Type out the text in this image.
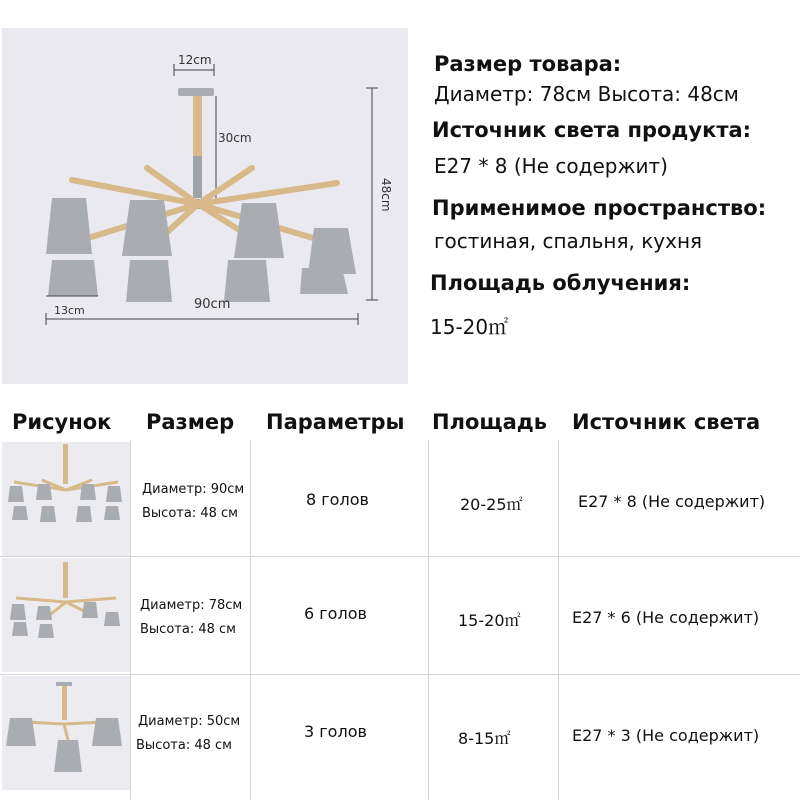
12cm
30cm
48cm
13cm	90cm
Размер товара:
Диаметр: 78см Высота: 48см
Источник света продукта:
E27 * 8 (Не содержит)
Применимое пространство:
гостиная, спальня, кухня
Площадь облучения:
15-20㎡
Рисунок Размер Параметры Площадь Источник света
Диаметр: 90см
Высота: 48 см
8 голов	20-25㎡	E27 * 8 (Не содержит)
Диаметр: 78см
Высота: 48 см
6 голов	15-20㎡	E27 * 6 (Не содержит)
Диаметр: 50см
Высота: 48 см
3 голов	8-15㎡	E27 * 3 (Не содержит)
